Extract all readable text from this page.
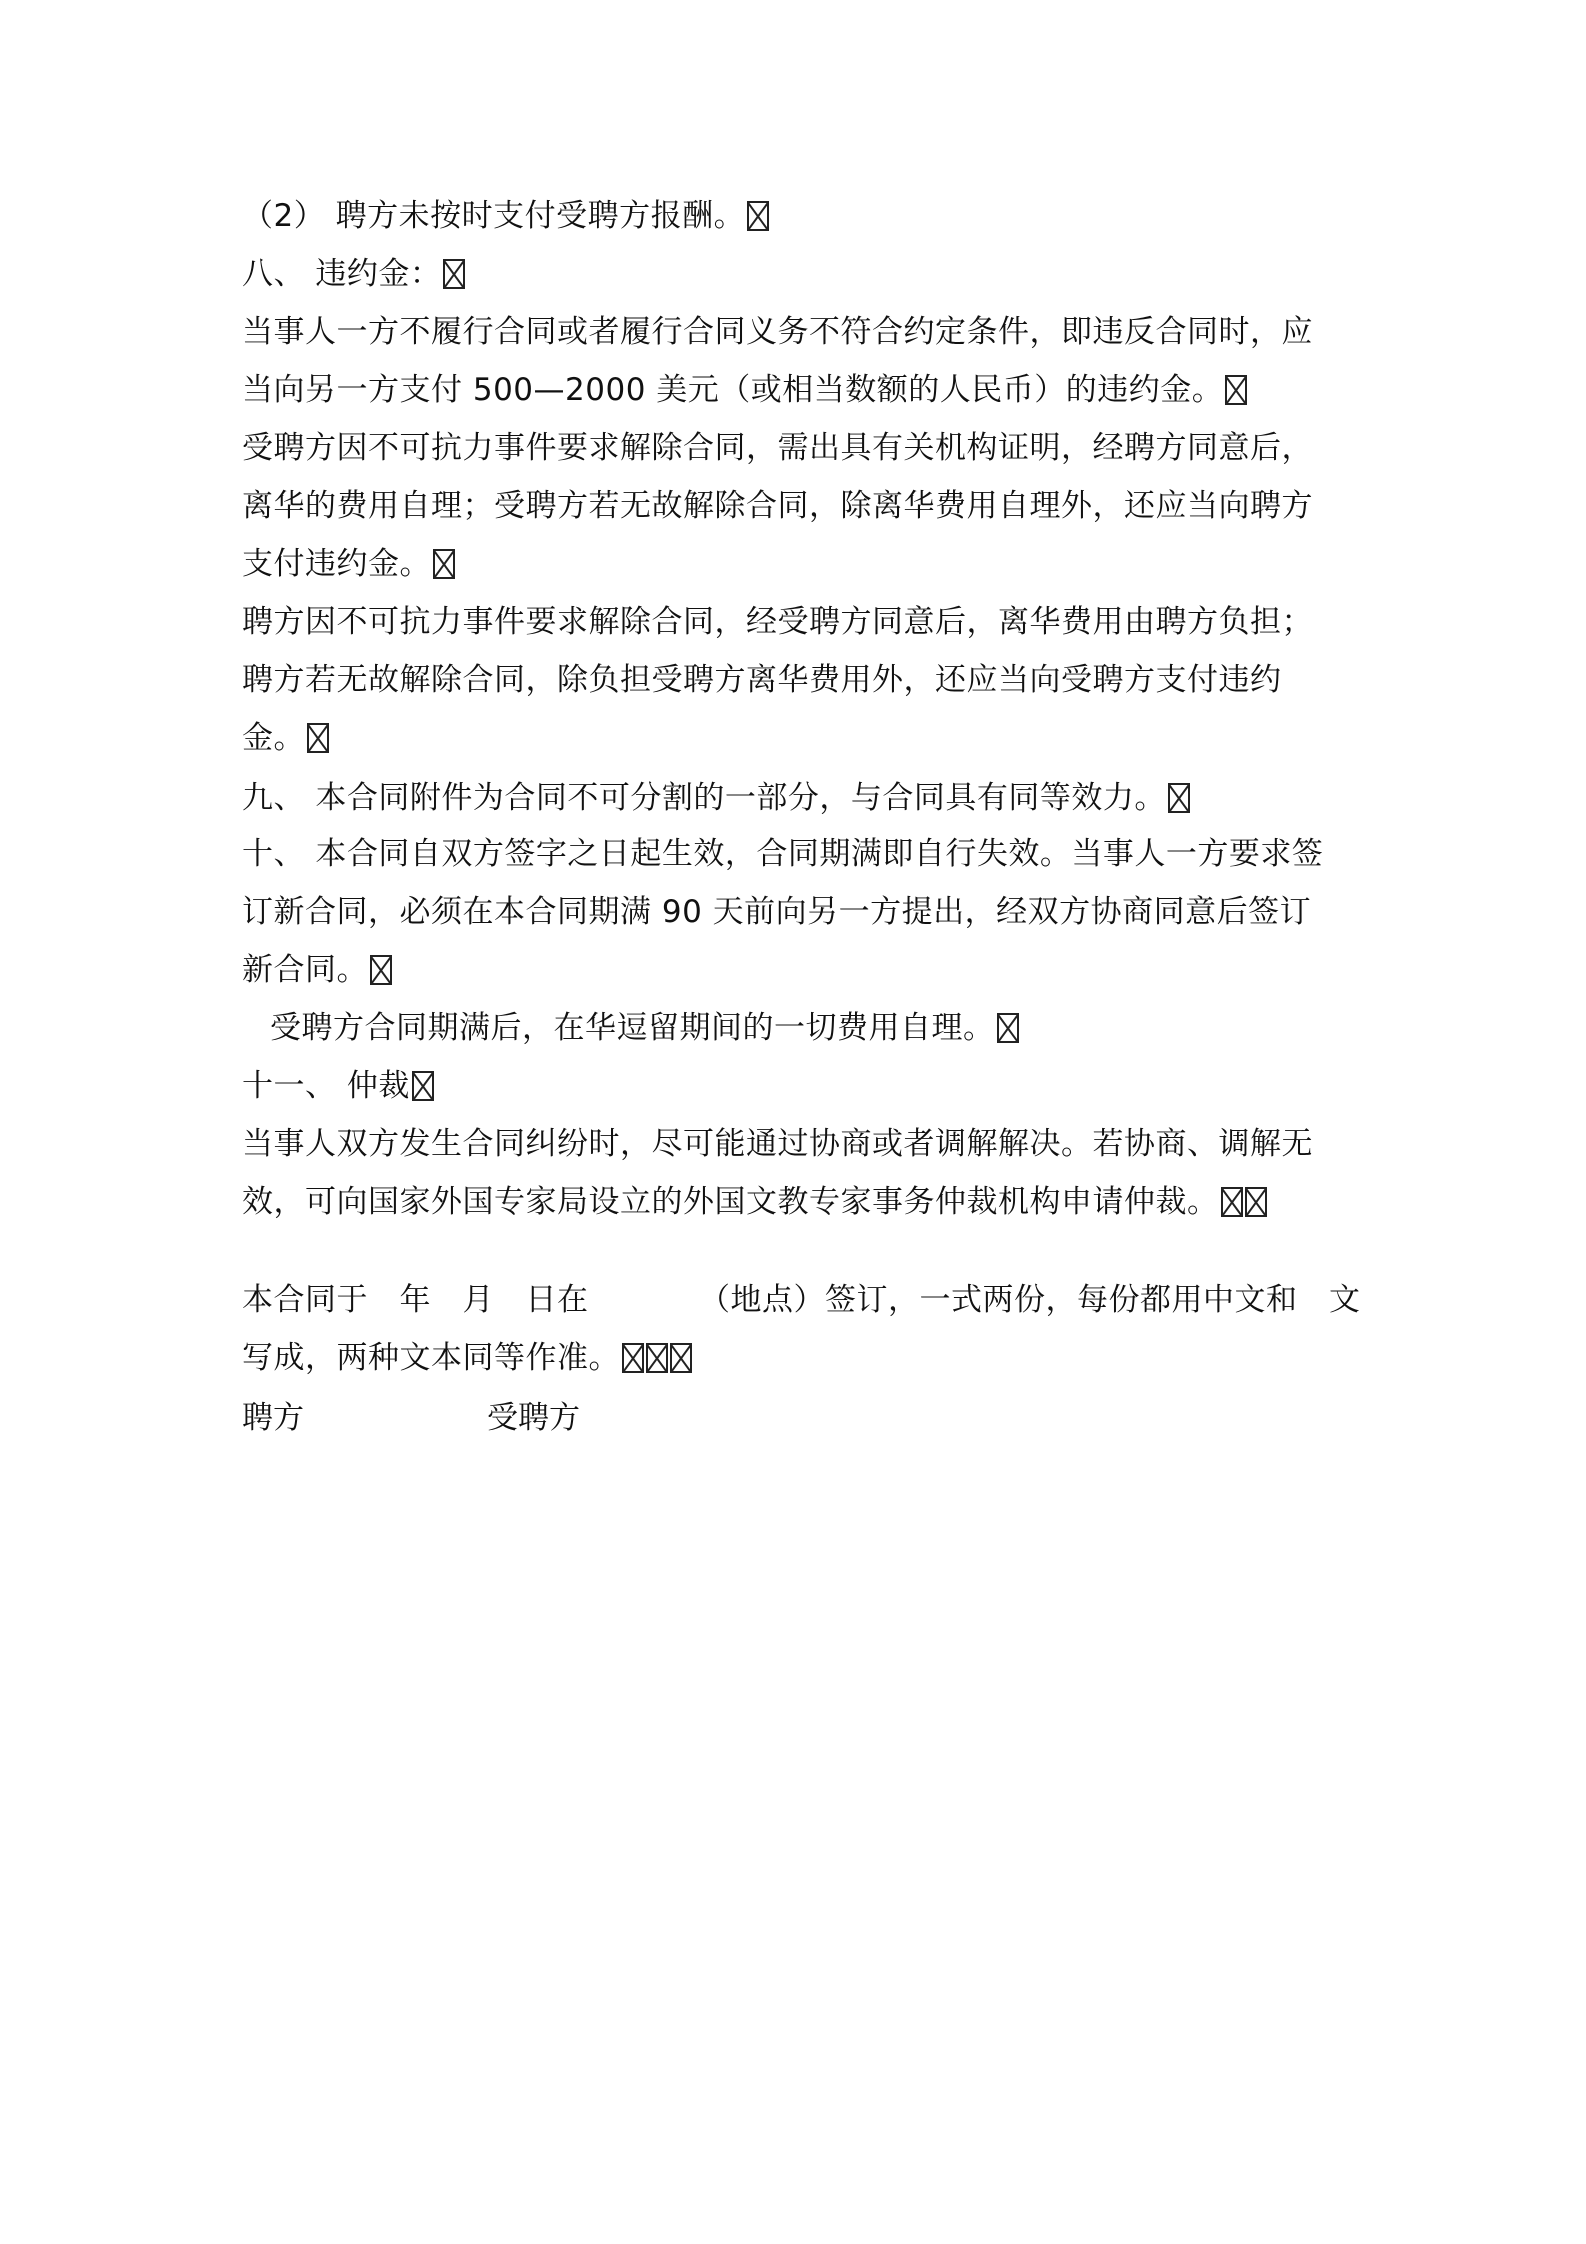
（2） 聘方未按时支付受聘方报酬。
八、 违约金：
当事人一方不履行合同或者履行合同义务不符合约定条件，即违反合同时，应
当向另一方支付 500—2000 美元（或相当数额的人民币）的违约金。
受聘方因不可抗力事件要求解除合同，需出具有关机构证明，经聘方同意后，
离华的费用自理；受聘方若无故解除合同，除离华费用自理外，还应当向聘方
支付违约金。
聘方因不可抗力事件要求解除合同，经受聘方同意后，离华费用由聘方负担；
聘方若无故解除合同，除负担受聘方离华费用外，还应当向受聘方支付违约
金。
九、 本合同附件为合同不可分割的一部分，与合同具有同等效力。
十、 本合同自双方签字之日起生效，合同期满即自行失效。当事人一方要求签
订新合同，必须在本合同期满 90 天前向另一方提出，经双方协商同意后签订
新合同。
受聘方合同期满后，在华逗留期间的一切费用自理。
十一、 仲裁
当事人双方发生合同纠纷时，尽可能通过协商或者调解解决。若协商、调解无
效，可向国家外国专家局设立的外国文教专家事务仲裁机构申请仲裁。
本合同于　年　月　日在　　　　（地点）签订，一式两份，每份都用中文和　文
写成，两种文本同等作准。
聘方	受聘方
